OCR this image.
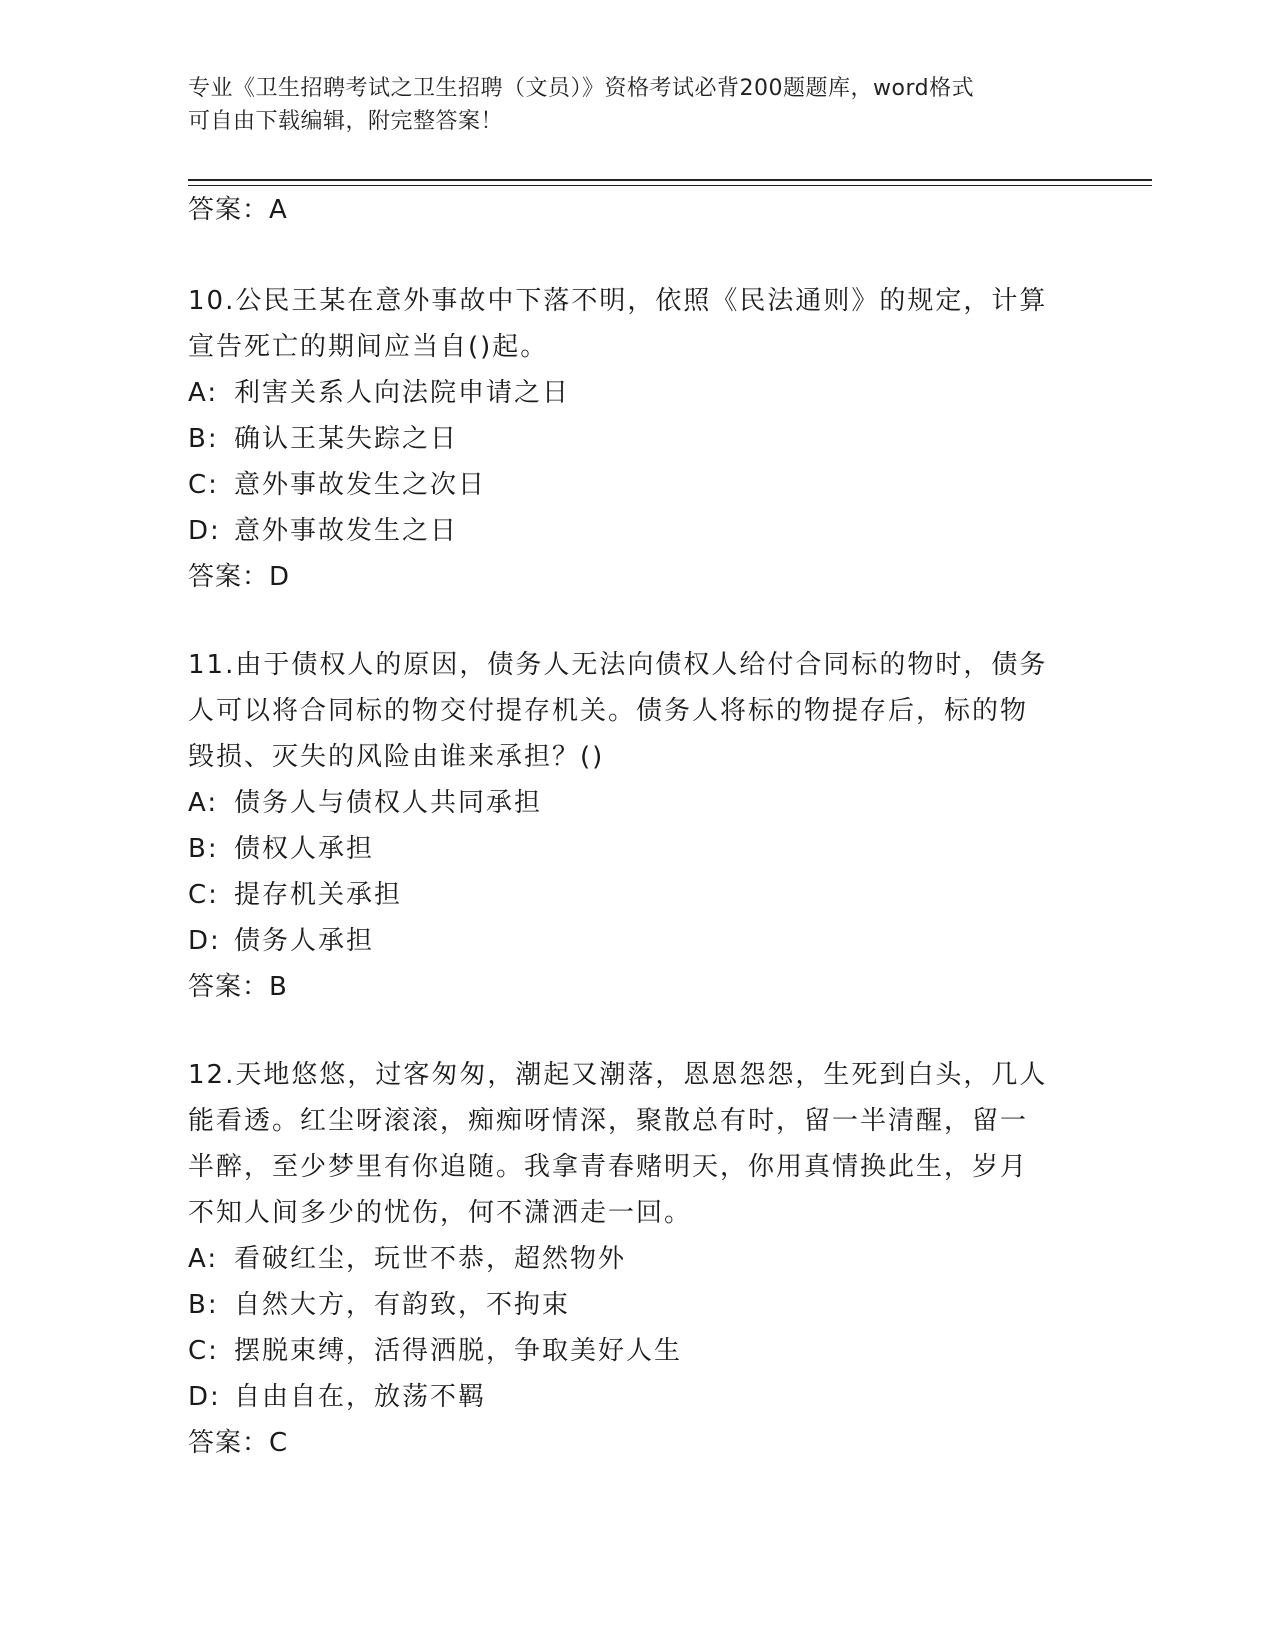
专业《卫生招聘考试之卫生招聘（文员）》资格考试必背200题题库，word格式
可自由下载编辑，附完整答案！
答案：A
10.公民王某在意外事故中下落不明，依照《民法通则》的规定，计算
宣告死亡的期间应当自()起。
A: 利害关系人向法院申请之日
B: 确认王某失踪之日
C: 意外事故发生之次日
D: 意外事故发生之日
答案：D
11.由于债权人的原因，债务人无法向债权人给付合同标的物时，债务
人可以将合同标的物交付提存机关。债务人将标的物提存后，标的物
毁损、灭失的风险由谁来承担？()
A: 债务人与债权人共同承担
B: 债权人承担
C: 提存机关承担
D: 债务人承担
答案：B
12.天地悠悠，过客匆匆，潮起又潮落，恩恩怨怨，生死到白头，几人
能看透。红尘呀滚滚，痴痴呀情深，聚散总有时，留一半清醒，留一
半醉，至少梦里有你追随。我拿青春赌明天，你用真情换此生，岁月
不知人间多少的忧伤，何不潇洒走一回。
A: 看破红尘，玩世不恭，超然物外
B: 自然大方，有韵致，不拘束
C: 摆脱束缚，活得洒脱，争取美好人生
D: 自由自在，放荡不羁
答案：C
